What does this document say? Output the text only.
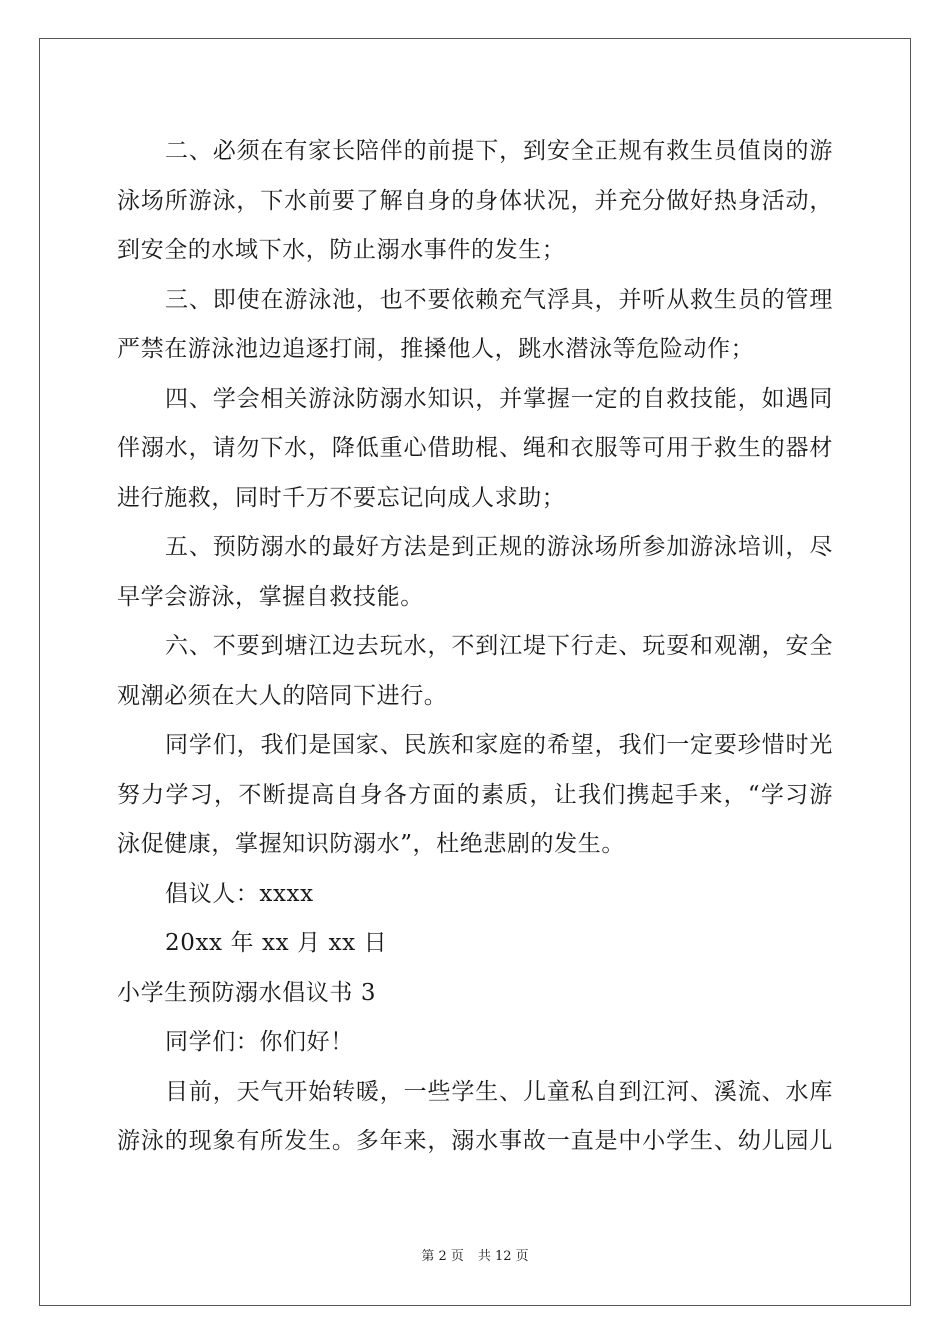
二、必须在有家长陪伴的前提下，到安全正规有救生员值岗的游
泳场所游泳，下水前要了解自身的身体状况，并充分做好热身活动，
到安全的水域下水，防止溺水事件的发生；
三、即使在游泳池，也不要依赖充气浮具，并听从救生员的管理
严禁在游泳池边追逐打闹，推搡他人，跳水潜泳等危险动作；
四、学会相关游泳防溺水知识，并掌握一定的自救技能，如遇同
伴溺水，请勿下水，降低重心借助棍、绳和衣服等可用于救生的器材
进行施救，同时千万不要忘记向成人求助；
五、预防溺水的最好方法是到正规的游泳场所参加游泳培训，尽
早学会游泳，掌握自救技能。
六、不要到塘江边去玩水，不到江堤下行走、玩耍和观潮，安全
观潮必须在大人的陪同下进行。
同学们，我们是国家、民族和家庭的希望，我们一定要珍惜时光
努力学习，不断提高自身各方面的素质，让我们携起手来，“学习游
泳促健康，掌握知识防溺水”，杜绝悲剧的发生。
倡议人：xxxx
20xx 年 xx 月 xx 日
小学生预防溺水倡议书 3
同学们：你们好！
目前，天气开始转暖，一些学生、儿童私自到江河、溪流、水库
游泳的现象有所发生。多年来，溺水事故一直是中小学生、幼儿园儿
第 2 页 共 12 页
